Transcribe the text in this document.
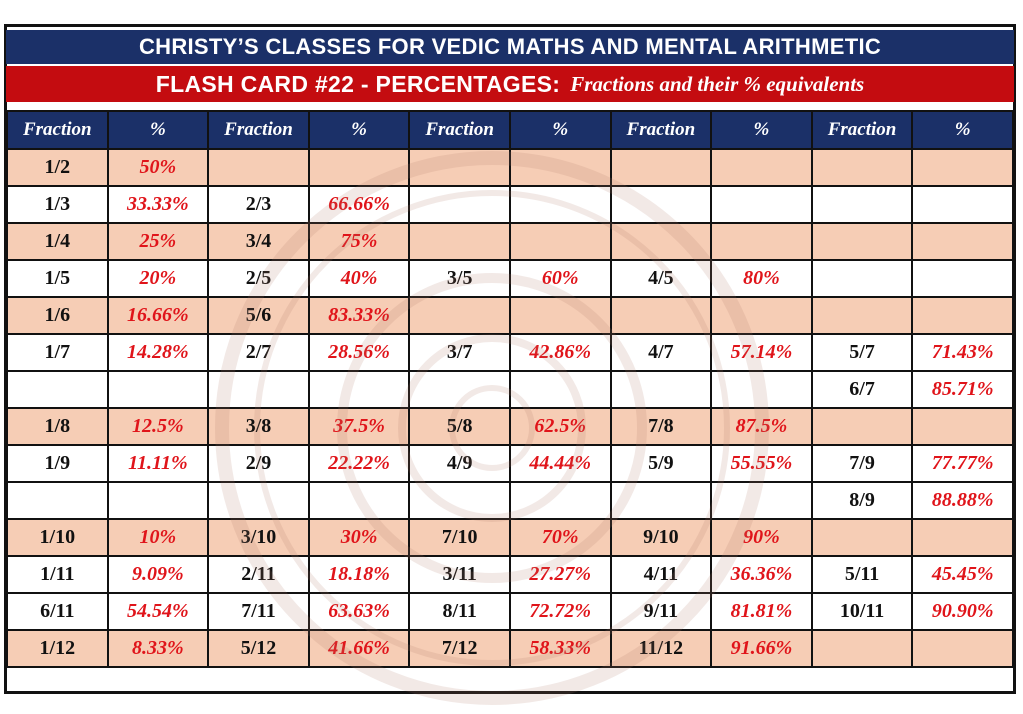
CHRISTY’S CLASSES FOR VEDIC MATHS AND MENTAL ARITHMETIC
FLASH CARD #22 - PERCENTAGES: Fractions and their % equivalents
Fraction	%	Fraction	%	Fraction	%	Fraction	%	Fraction	%
1/2	50%								
1/3	33.33%	2/3	66.66%						
1/4	25%	3/4	75%						
1/5	20%	2/5	40%	3/5	60%	4/5	80%		
1/6	16.66%	5/6	83.33%						
1/7	14.28%	2/7	28.56%	3/7	42.86%	4/7	57.14%	5/7	71.43%
								6/7	85.71%
1/8	12.5%	3/8	37.5%	5/8	62.5%	7/8	87.5%		
1/9	11.11%	2/9	22.22%	4/9	44.44%	5/9	55.55%	7/9	77.77%
								8/9	88.88%
1/10	10%	3/10	30%	7/10	70%	9/10	90%		
1/11	9.09%	2/11	18.18%	3/11	27.27%	4/11	36.36%	5/11	45.45%
6/11	54.54%	7/11	63.63%	8/11	72.72%	9/11	81.81%	10/11	90.90%
1/12	8.33%	5/12	41.66%	7/12	58.33%	11/12	91.66%		
